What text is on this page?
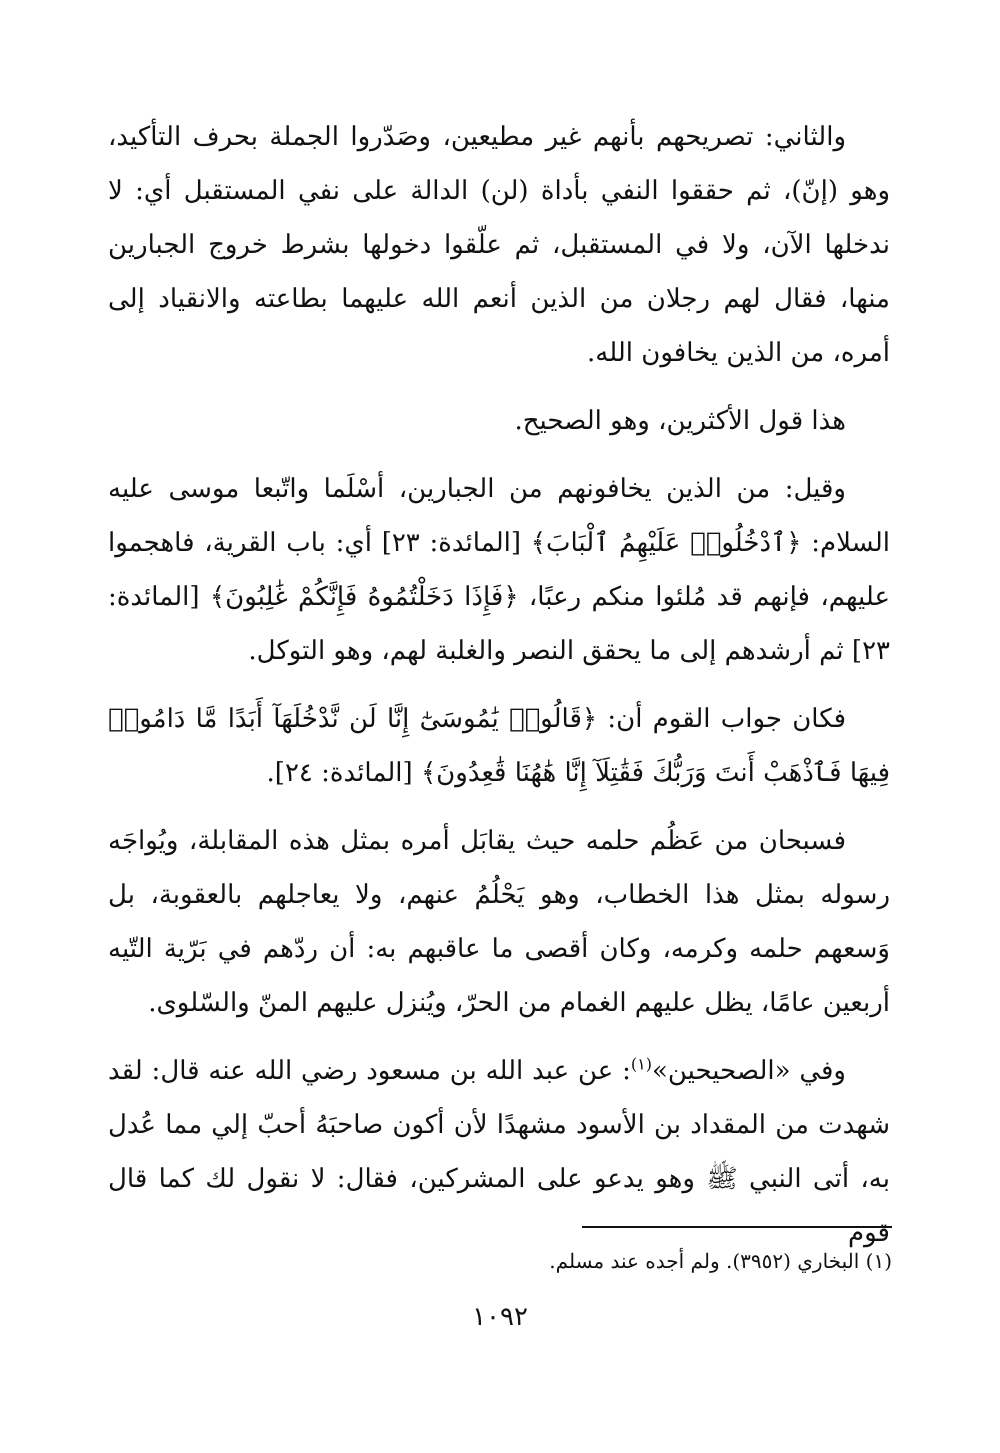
والثاني: تصريحهم بأنهم غير مطيعين، وصَدّروا الجملة بحرف التأكيد، وهو (إنّ)، ثم حققوا النفي بأداة (لن) الدالة على نفي المستقبل أي: لا ندخلها الآن، ولا في المستقبل، ثم علّقوا دخولها بشرط خروج الجبارين منها، فقال لهم رجلان من الذين أنعم الله عليهما بطاعته والانقياد إلى أمره، من الذين يخافون الله.

هذا قول الأكثرين، وهو الصحيح.

وقيل: من الذين يخافونهم من الجبارين، أسْلَما واتّبعا موسى عليه السلام: ﴿ٱدْخُلُوا۟ عَلَيْهِمُ ٱلْبَابَ﴾ [المائدة: ٢٣] أي: باب القرية، فاهجموا عليهم، فإنهم قد مُلئوا منكم رعبًا، ﴿فَإِذَا دَخَلْتُمُوهُ فَإِنَّكُمْ غَٰلِبُونَ﴾ [المائدة: ٢٣] ثم أرشدهم إلى ما يحقق النصر والغلبة لهم، وهو التوكل.

فكان جواب القوم أن: ﴿قَالُوا۟ يَٰمُوسَىٰٓ إِنَّا لَن نَّدْخُلَهَآ أَبَدًا مَّا دَامُوا۟ فِيهَا فَٱذْهَبْ أَنتَ وَرَبُّكَ فَقَٰتِلَآ إِنَّا هَٰهُنَا قَٰعِدُونَ﴾ [المائدة: ٢٤].

فسبحان من عَظُم حلمه حيث يقابَل أمره بمثل هذه المقابلة، ويُواجَه رسوله بمثل هذا الخطاب، وهو يَحْلُمُ عنهم، ولا يعاجلهم بالعقوبة، بل وَسعهم حلمه وكرمه، وكان أقصى ما عاقبهم به: أن ردّهم في بَرّية التّيه أربعين عامًا، يظل عليهم الغمام من الحرّ، ويُنزل عليهم المنّ والسّلوى.

وفي «الصحيحين»$^{(١)}$: عن عبد الله بن مسعود رضي الله عنه قال: لقد شهدت من المقداد بن الأسود مشهدًا لأن أكون صاحبَهُ أحبّ إلي مما عُدل به، أتى النبي ﷺ وهو يدعو على المشركين، فقال: لا نقول لك كما قال قوم

(١) البخاري (٣٩٥٢). ولم أجده عند مسلم.
١٠٩٢
